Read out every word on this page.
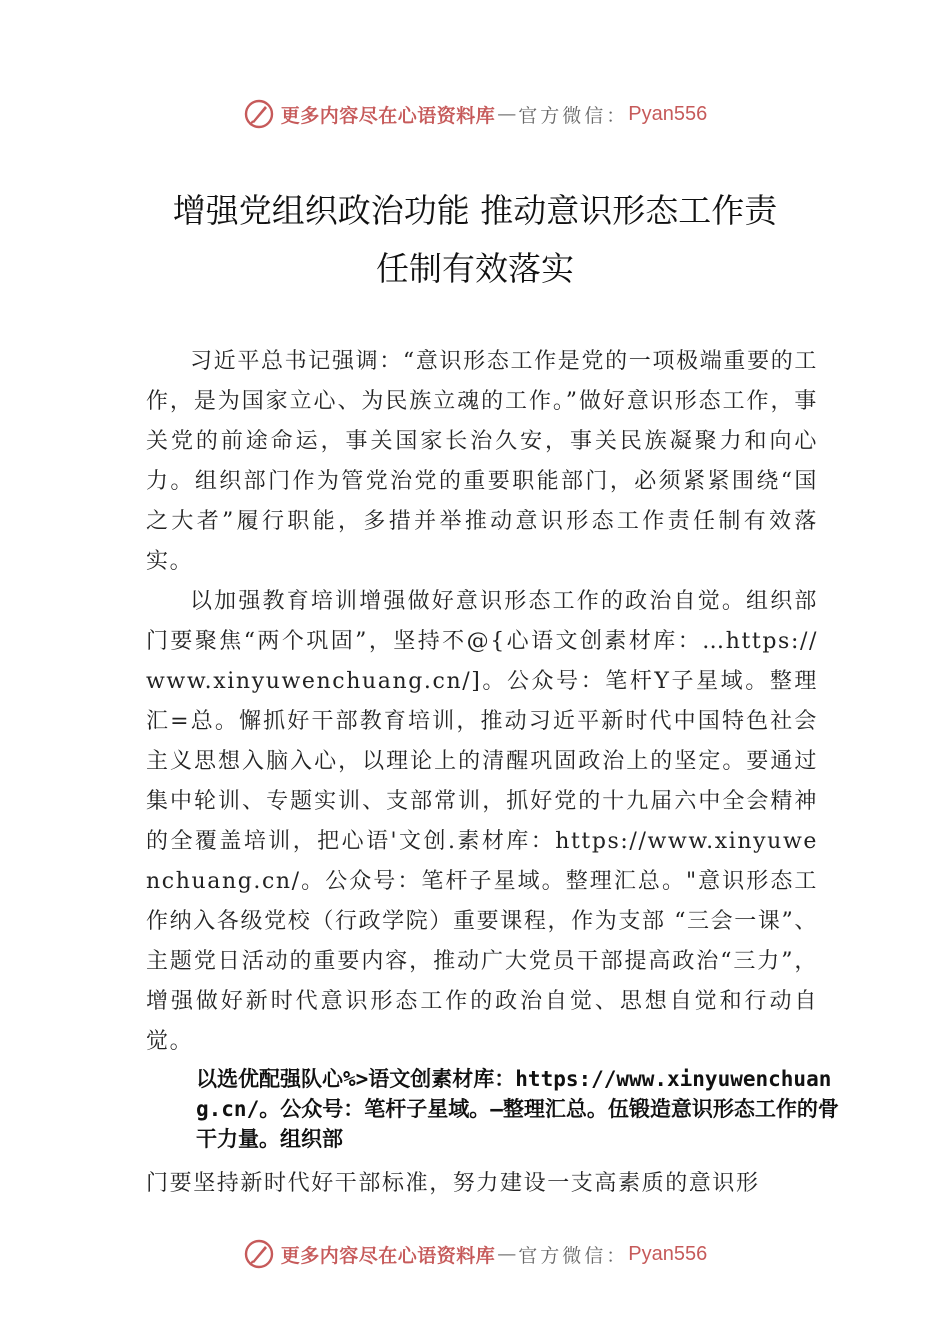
更多内容尽在心语资料库 — 官方微信： Pyan556
增强党组织政治功能 推动意识形态工作责
任制有效落实

习近平总书记强调：“意识形态工作是党的一项极端重要的工作，是为国家立心、为民族立魂的工作。”做好意识形态工作，事关党的前途命运，事关国家长治久安，事关民族凝聚力和向心力。组织部门作为管党治党的重要职能部门，必须紧紧围绕“国之大者”履行职能，多措并举推动意识形态工作责任制有效落实。

以加强教育培训增强做好意识形态工作的政治自觉。组织部门要聚焦“两个巩固”，坚持不@{心语文创素材库：…https://www.xinyuwenchuang.cn/]。公众号：笔杆Y子星域。整理汇=总。懈抓好干部教育培训，推动习近平新时代中国特色社会主义思想入脑入心，以理论上的清醒巩固政治上的坚定。要通过集中轮训、专题实训、支部常训，抓好党的十九届六中全会精神的全覆盖培训，把心语'文创.素材库：https://www.xinyuwenchuang.cn/。公众号：笔杆子星域。整理汇总。"意识形态工作纳入各级党校（行政学院）重要课程，作为支部 “三会一课”、主题党日活动的重要内容，推动广大党员干部提高政治“三力”，增强做好新时代意识形态工作的政治自觉、思想自觉和行动自觉。

以选优配强队心%>语文创素材库：https://www.xinyuwenchuang.cn/。公众号：笔杆子星域。—整理汇总。伍锻造意识形态工作的骨干力量。组织部
门要坚持新时代好干部标准，努力建设一支高素质的意识形
更多内容尽在心语资料库 — 官方微信： Pyan556
